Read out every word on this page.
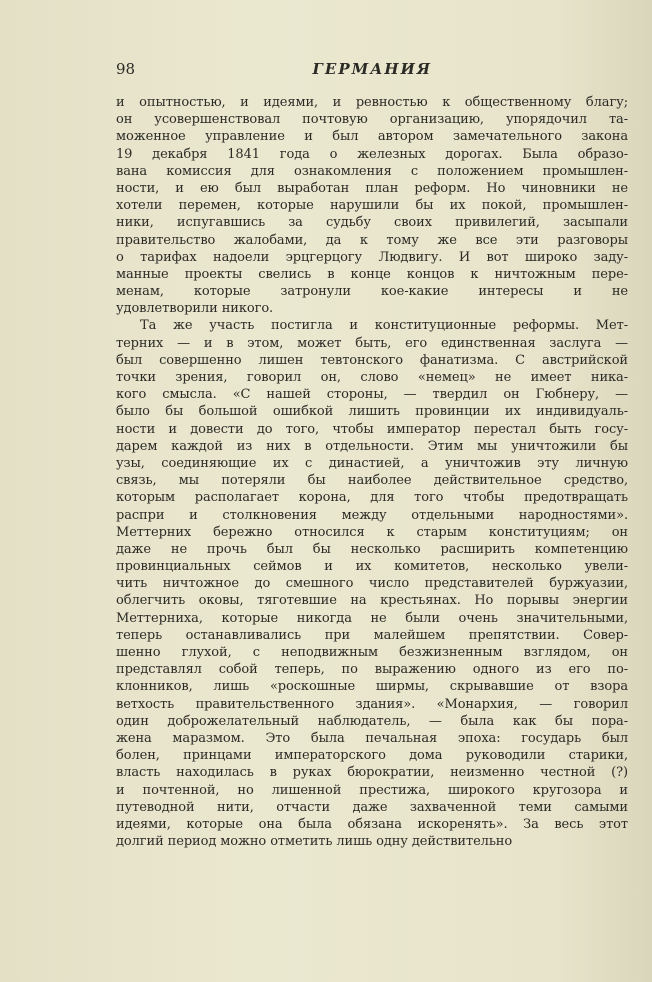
98	ГЕРМАНИЯ
и опытностью, и идеями, и ревностью к общественному благу;
он усовершенствовал почтовую организацию, упорядочил та-
моженное управление и был автором замечательного закона
19 декабря 1841 года о железных дорогах. Была образо-
вана комиссия для ознакомления с положением промышлен-
ности, и ею был выработан план реформ. Но чиновники не
хотели перемен, которые нарушили бы их покой, промышлен-
ники, испугавшись за судьбу своих привилегий, засыпали
правительство жалобами, да к тому же все эти разговоры
о тарифах надоели эрцгерцогу Людвигу. И вот широко заду-
манные проекты свелись в конце концов к ничтожным пере-
менам, которые затронули кое-какие интересы и не
удовлетворили никого.
Та же участь постигла и конституционные реформы. Мет-
терних — и в этом, может быть, его единственная заслуга —
был совершенно лишен тевтонского фанатизма. С австрийской
точки зрения, говорил он, слово «немец» не имеет ника-
кого смысла. «С нашей стороны, — твердил он Гюбнеру, —
было бы большой ошибкой лишить провинции их индивидуаль-
ности и довести до того, чтобы император перестал быть госу-
дарем каждой из них в отдельности. Этим мы уничтожили бы
узы, соединяющие их с династией, а уничтожив эту личную
связь, мы потеряли бы наиболее действительное средство,
которым располагает корона, для того чтобы предотвращать
распри и столкновения между отдельными народностями».
Меттерних бережно относился к старым конституциям; он
даже не прочь был бы несколько расширить компетенцию
провинциальных сеймов и их комитетов, несколько увели-
чить ничтожное до смешного число представителей буржуазии,
облегчить оковы, тяготевшие на крестьянах. Но порывы энергии
Меттерниха, которые никогда не были очень значительными,
теперь останавливались при малейшем препятствии. Совер-
шенно глухой, с неподвижным безжизненным взглядом, он
представлял собой теперь, по выражению одного из его по-
клонников, лишь «роскошные ширмы, скрывавшие от взора
ветхость правительственного здания». «Монархия, — говорил
один доброжелательный наблюдатель, — была как бы пора-
жена маразмом. Это была печальная эпоха: государь был
болен, принцами императорского дома руководили старики,
власть находилась в руках бюрократии, неизменно честной (?)
и почтенной, но лишенной престижа, широкого кругозора и
путеводной нити, отчасти даже захваченной теми самыми
идеями, которые она была обязана искоренять». За весь этот
долгий период можно отметить лишь одну действительно
